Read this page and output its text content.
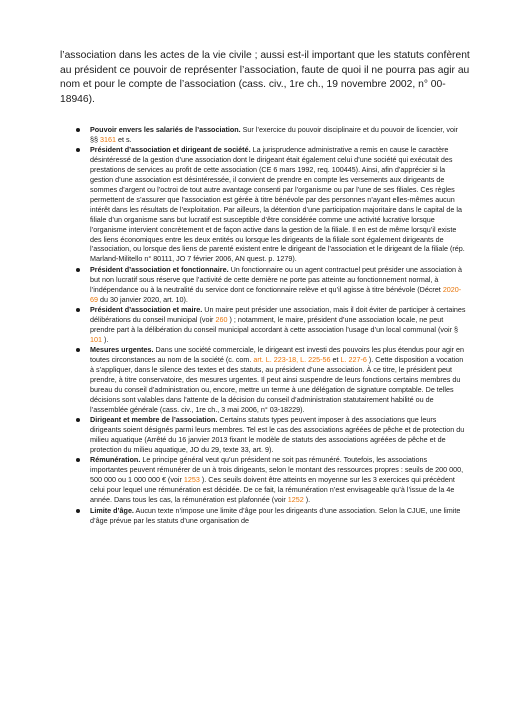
l’association dans les actes de la vie civile ; aussi est-il important que les statuts confèrent au président ce pouvoir de représenter l’association, faute de quoi il ne pourra pas agir au nom et pour le compte de l’association (cass. civ., 1re ch., 19 novembre 2002, n° 00-18946).

Pouvoir envers les salariés de l’association. Sur l’exercice du pouvoir disciplinaire et du pouvoir de licencier, voir §§ 3161 et s.
Président d’association et dirigeant de société. La jurisprudence administrative a remis en cause le caractère désintéressé de la gestion d’une association dont le dirigeant était également celui d’une société qui exécutait des prestations de services au profit de cette association (CE 6 mars 1992, req. 100445). Ainsi, afin d’apprécier si la gestion d’une association est désintéressée, il convient de prendre en compte les versements aux dirigeants de sommes d’argent ou l’octroi de tout autre avantage consenti par l’organisme ou par l’une de ses filiales. Ces règles permettent de s’assurer que l’association est gérée à titre bénévole par des personnes n’ayant elles-mêmes aucun intérêt dans les résultats de l’exploitation. Par ailleurs, la détention d’une participation majoritaire dans le capital de la filiale d’un organisme sans but lucratif est susceptible d’être considérée comme une activité lucrative lorsque l’organisme intervient concrètement et de façon active dans la gestion de la filiale. Il en est de même lorsqu’il existe des liens économiques entre les deux entités ou lorsque les dirigeants de la filiale sont également dirigeants de l’association, ou lorsque des liens de parenté existent entre le dirigeant de l’association et le dirigeant de la filiale (rép. Marland-Militello n° 80111, JO 7 février 2006, AN quest. p. 1279).
Président d’association et fonctionnaire. Un fonctionnaire ou un agent contractuel peut présider une association à but non lucratif sous réserve que l’activité de cette dernière ne porte pas atteinte au fonctionnement normal, à l’indépendance ou à la neutralité du service dont ce fonctionnaire relève et qu’il agisse à titre bénévole (Décret 2020-69 du 30 janvier 2020, art. 10).
Président d’association et maire. Un maire peut présider une association, mais il doit éviter de participer à certaines délibérations du conseil municipal (voir 260 ) ; notamment, le maire, président d’une association locale, ne peut prendre part à la délibération du conseil municipal accordant à cette association l’usage d’un local communal (voir § 101 ).
Mesures urgentes. Dans une société commerciale, le dirigeant est investi des pouvoirs les plus étendus pour agir en toutes circonstances au nom de la société (c. com. art. L. 223-18, L. 225-56 et L. 227-6 ). Cette disposition a vocation à s’appliquer, dans le silence des textes et des statuts, au président d’une association. À ce titre, le président peut prendre, à titre conservatoire, des mesures urgentes. Il peut ainsi suspendre de leurs fonctions certains membres du bureau du conseil d’administration ou, encore, mettre un terme à une délégation de signature comptable. De telles décisions sont valables dans l’attente de la décision du conseil d’administration statutairement habilité ou de l’assemblée générale (cass. civ., 1re ch., 3 mai 2006, n° 03-18229).
Dirigeant et membre de l’association. Certains statuts types peuvent imposer à des associations que leurs dirigeants soient désignés parmi leurs membres. Tel est le cas des associations agréées de pêche et de protection du milieu aquatique (Arrêté du 16 janvier 2013 fixant le modèle de statuts des associations agréées de pêche et de protection du milieu aquatique, JO du 29, texte 33, art. 9).
Rémunération. Le principe général veut qu’un président ne soit pas rémunéré. Toutefois, les associations importantes peuvent rémunérer de un à trois dirigeants, selon le montant des ressources propres : seuils de 200 000, 500 000 ou 1 000 000 € (voir 1253 ). Ces seuils doivent être atteints en moyenne sur les 3 exercices qui précèdent celui pour lequel une rémunération est décidée. De ce fait, la rémunération n’est envisageable qu’à l’issue de la 4e année. Dans tous les cas, la rémunération est plafonnée (voir 1252 ).
Limite d’âge. Aucun texte n’impose une limite d’âge pour les dirigeants d’une association. Selon la CJUE, une limite d’âge prévue par les statuts d’une organisation de
